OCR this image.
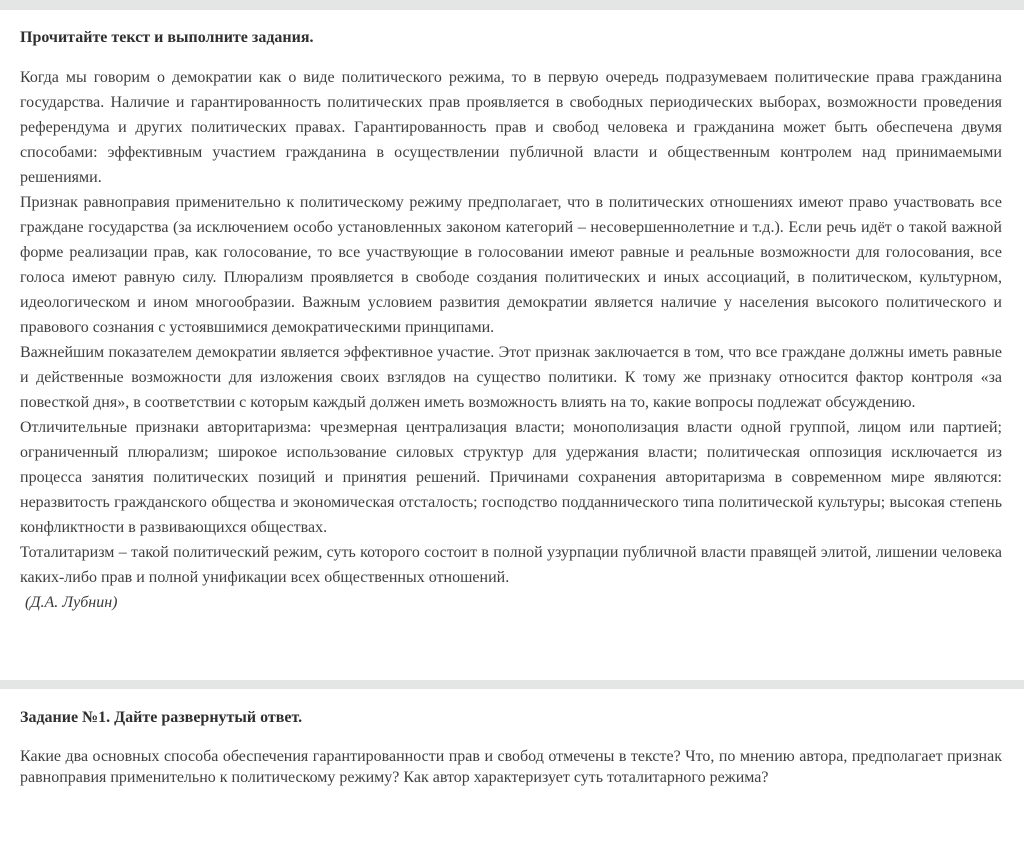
Прочитайте текст и выполните задания.

Когда мы говорим о демократии как о виде политического режима, то в первую очередь подразумеваем политические права гражданина государства. Наличие и гарантированность политических прав проявляется в свободных периодических выборах, возможности проведения референдума и других политических правах. Гарантированность прав и свобод человека и гражданина может быть обеспечена двумя способами: эффективным участием гражданина в осуществлении публичной власти и общественным контролем над принимаемыми решениями.

Признак равноправия применительно к политическому режиму предполагает, что в политических отношениях имеют право участвовать все граждане государства (за исключением особо установленных законом категорий – несовершеннолетние и т.д.). Если речь идёт о такой важной форме реализации прав, как голосование, то все участвующие в голосовании имеют равные и реальные возможности для голосования, все голоса имеют равную силу. Плюрализм проявляется в свободе создания политических и иных ассоциаций, в политическом, культурном, идеологическом и ином многообразии. Важным условием развития демократии является наличие у населения высокого политического и правового сознания с устоявшимися демократическими принципами.

Важнейшим показателем демократии является эффективное участие. Этот признак заключается в том, что все граждане должны иметь равные и действенные возможности для изложения своих взглядов на существо политики. К тому же признаку относится фактор контроля «за повесткой дня», в соответствии с которым каждый должен иметь возможность влиять на то, какие вопросы подлежат обсуждению.

Отличительные признаки авторитаризма: чрезмерная централизация власти; монополизация власти одной группой, лицом или партией; ограниченный плюрализм; широкое использование силовых структур для удержания власти; политическая оппозиция исключается из процесса занятия политических позиций и принятия решений. Причинами сохранения авторитаризма в современном мире являются: неразвитость гражданского общества и экономическая отсталость; господство подданнического типа политической культуры; высокая степень конфликтности в развивающихся обществах.

Тоталитаризм – такой политический режим, суть которого состоит в полной узурпации публичной власти правящей элитой, лишении человека каких-либо прав и полной унификации всех общественных отношений.

(Д.А. Лубнин)

Задание №1. Дайте развернутый ответ.

Какие два основных способа обеспечения гарантированности прав и свобод отмечены в тексте? Что, по мнению автора, предполагает признак равноправия применительно к политическому режиму? Как автор характеризует суть тоталитарного режима?
